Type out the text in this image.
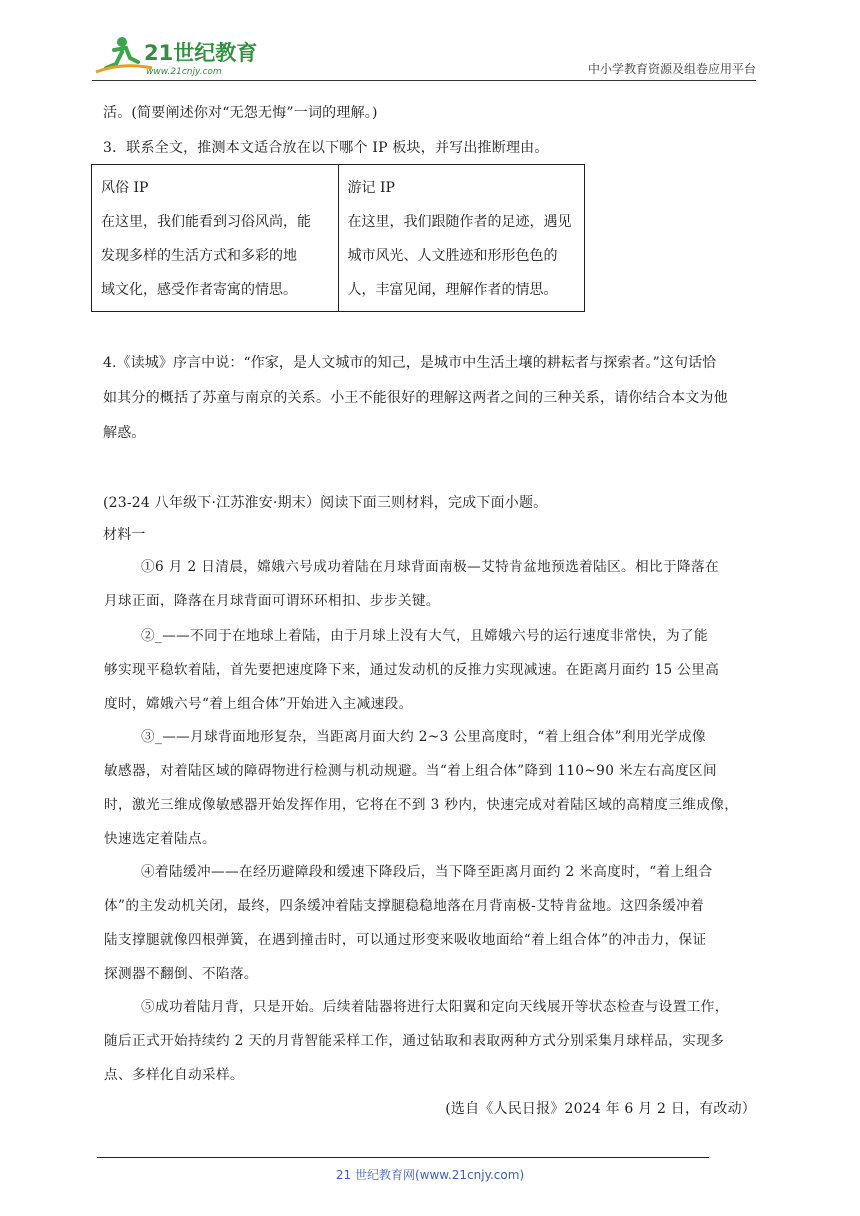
21世纪教育
www.21cnjy.com	中小学教育资源及组卷应用平台
活。(简要阐述你对“无怨无悔”一词的理解。)
3．联系全文，推测本文适合放在以下哪个 IP 板块，并写出推断理由。
风俗 IP
在这里，我们能看到习俗风尚，能
发现多样的生活方式和多彩的地
域文化，感受作者寄寓的情思。

游记 IP
在这里，我们跟随作者的足迹，遇见
城市风光、人文胜迹和形形色色的
人，丰富见闻，理解作者的情思。
4.《读城》序言中说：“作家，是人文城市的知己，是城市中生活土壤的耕耘者与探索者。”这句话恰
如其分的概括了苏童与南京的关系。小王不能很好的理解这两者之间的三种关系，请你结合本文为他
解惑。
(23-24 八年级下·江苏淮安·期末）阅读下面三则材料，完成下面小题。
材料一
①6 月 2 日清晨，嫦娥六号成功着陆在月球背面南极—艾特肯盆地预选着陆区。相比于降落在
月球正面，降落在月球背面可谓环环相扣、步步关键。
②_——不同于在地球上着陆，由于月球上没有大气，且嫦娥六号的运行速度非常快，为了能
够实现平稳软着陆，首先要把速度降下来，通过发动机的反推力实现减速。在距离月面约 15 公里高
度时，嫦娥六号“着上组合体”开始进入主减速段。
③_——月球背面地形复杂，当距离月面大约 2~3 公里高度时，“着上组合体”利用光学成像
敏感器，对着陆区域的障碍物进行检测与机动规避。当“着上组合体”降到 110~90 米左右高度区间
时，激光三维成像敏感器开始发挥作用，它将在不到 3 秒内，快速完成对着陆区域的高精度三维成像，
快速选定着陆点。
④着陆缓冲——在经历避障段和缓速下降段后，当下降至距离月面约 2 米高度时，“着上组合
体”的主发动机关闭，最终，四条缓冲着陆支撑腿稳稳地落在月背南极-艾特肯盆地。这四条缓冲着
陆支撑腿就像四根弹簧，在遇到撞击时，可以通过形变来吸收地面给“着上组合体”的冲击力，保证
探测器不翻倒、不陷落。
⑤成功着陆月背，只是开始。后续着陆器将进行太阳翼和定向天线展开等状态检查与设置工作，
随后正式开始持续约 2 天的月背智能采样工作，通过钻取和表取两种方式分别采集月球样品，实现多
点、多样化自动采样。
(选自《人民日报》2024 年 6 月 2 日，有改动）
21 世纪教育网(www.21cnjy.com)
